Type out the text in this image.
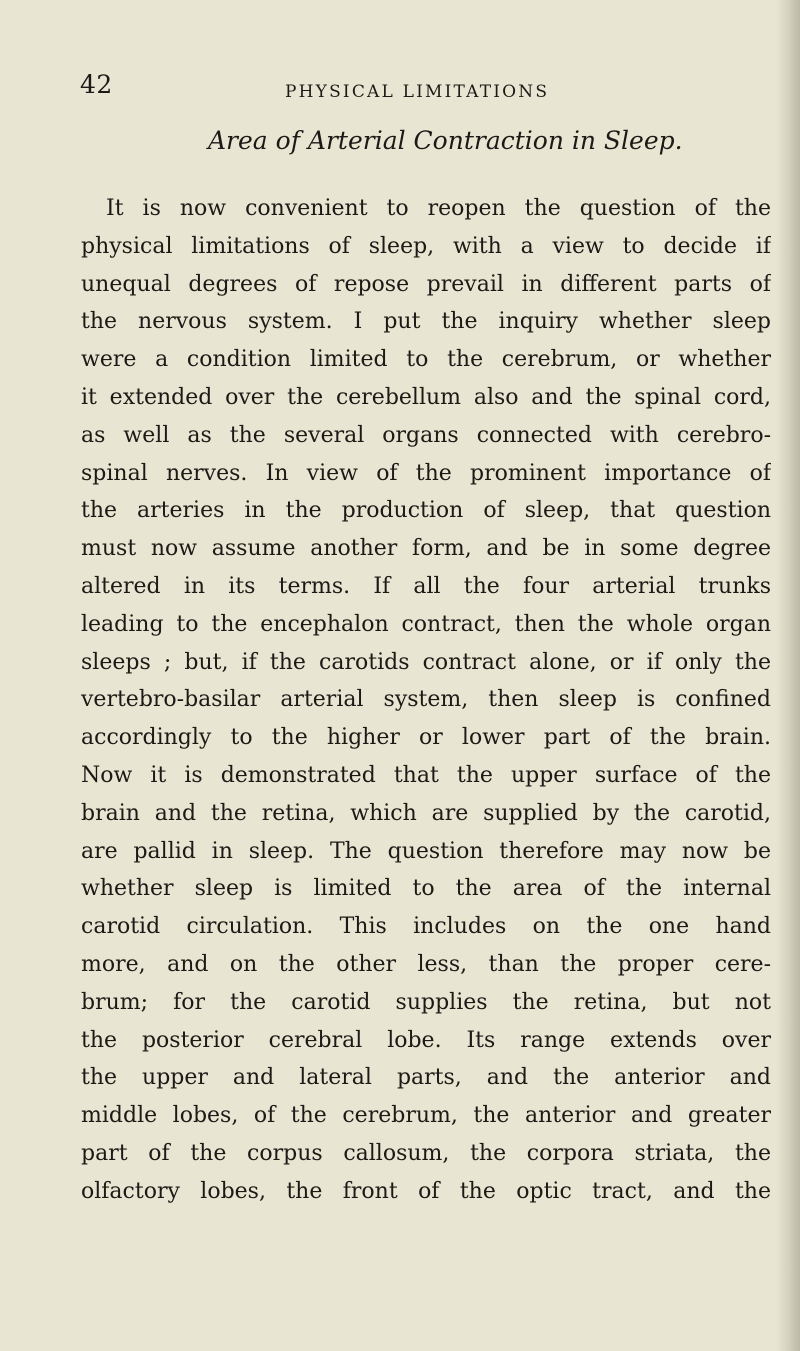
42	PHYSICAL LIMITATIONS
Area of Arterial Contraction in Sleep.
It is now convenient to reopen the question of the
physical limitations of sleep, with a view to decide if
unequal degrees of repose prevail in different parts of
the nervous system. I put the inquiry whether sleep
were a condition limited to the cerebrum, or whether
it extended over the cerebellum also and the spinal cord,
as well as the several organs connected with cerebro-
spinal nerves. In view of the prominent importance of
the arteries in the production of sleep, that question
must now assume another form, and be in some degree
altered in its terms. If all the four arterial trunks
leading to the encephalon contract, then the whole organ
sleeps ; but, if the carotids contract alone, or if only the
vertebro-basilar arterial system, then sleep is confined
accordingly to the higher or lower part of the brain.
Now it is demonstrated that the upper surface of the
brain and the retina, which are supplied by the carotid,
are pallid in sleep. The question therefore may now be
whether sleep is limited to the area of the internal
carotid circulation. This includes on the one hand
more, and on the other less, than the proper cere-
brum; for the carotid supplies the retina, but not
the posterior cerebral lobe. Its range extends over
the upper and lateral parts, and the anterior and
middle lobes, of the cerebrum, the anterior and greater
part of the corpus callosum, the corpora striata, the
olfactory lobes, the front of the optic tract, and the
